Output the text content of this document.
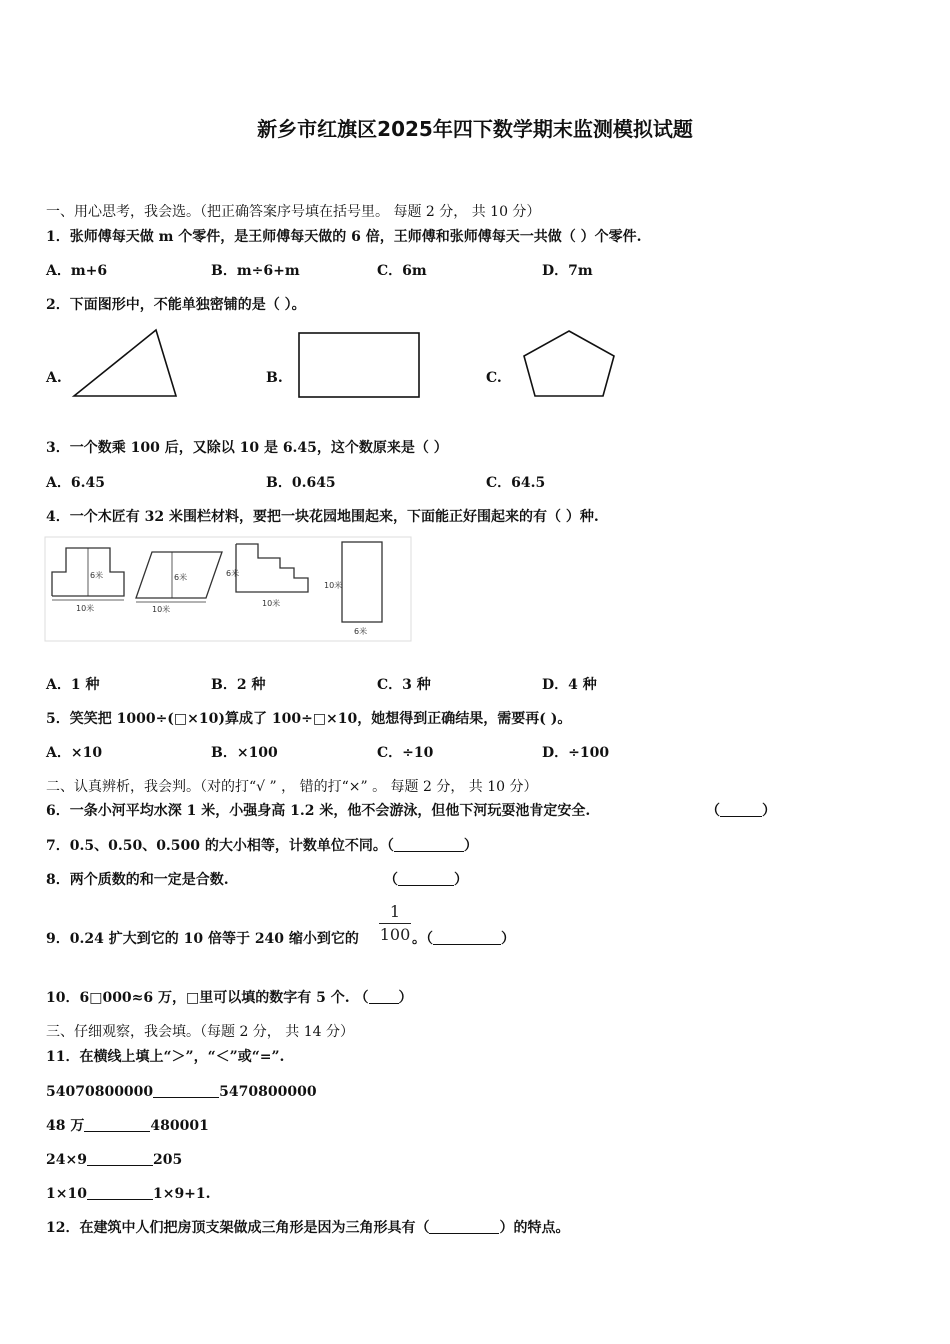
新乡市红旗区2025年四下数学期末监测模拟试题
一、用心思考，我会选。（把正确答案序号填在括号里。 每题 2 分， 共 10 分）
1．张师傅每天做 m 个零件，是王师傅每天做的 6 倍，王师傅和张师傅每天一共做（ ）个零件.
A．m+6	B．m÷6+m	C．6m	D．7m
2．下面图形中，不能单独密铺的是（ ）。
A.	B.	C.
3．一个数乘 100 后，又除以 10 是 6.45，这个数原来是（ ）
A．6.45	B．0.645	C．64.5
4．一个木匠有 32 米围栏材料，要把一块花园地围起来，下面能正好围起来的有（ ）种.
6米
10米
6米
10米
6米
10米
10米
6米
A．1 种	B．2 种	C．3 种	D．4 种
5．笑笑把 1000÷(□×10)算成了 100÷□×10，她想得到正确结果，需要再( )。
A．×10	B．×100	C．÷10	D．÷100
二、认真辨析，我会判。（对的打“√ ” ， 错的打“×” 。 每题 2 分， 共 10 分）
6．一条小河平均水深 1 米，小强身高 1.2 米，他不会游泳，但他下河玩耍池肯定安全.	（	）
7．0.5、0.50、0.500 的大小相等，计数单位不同。（	）
8．两个质数的和一定是合数.	（	）
9．0.24 扩大到它的 10 倍等于 240 缩小到它的
1
100 。（	）
10．6□000≈6 万，□里可以填的数字有 5 个. （ ）
三、仔细观察，我会填。（每题 2 分， 共 14 分）
11．在横线上填上“＞”，“＜”或“=”.
54070800000	5470800000
48 万	480001
24×9	205
1×10	1×9+1.
12．在建筑中人们把房顶支架做成三角形是因为三角形具有（	）的特点。
